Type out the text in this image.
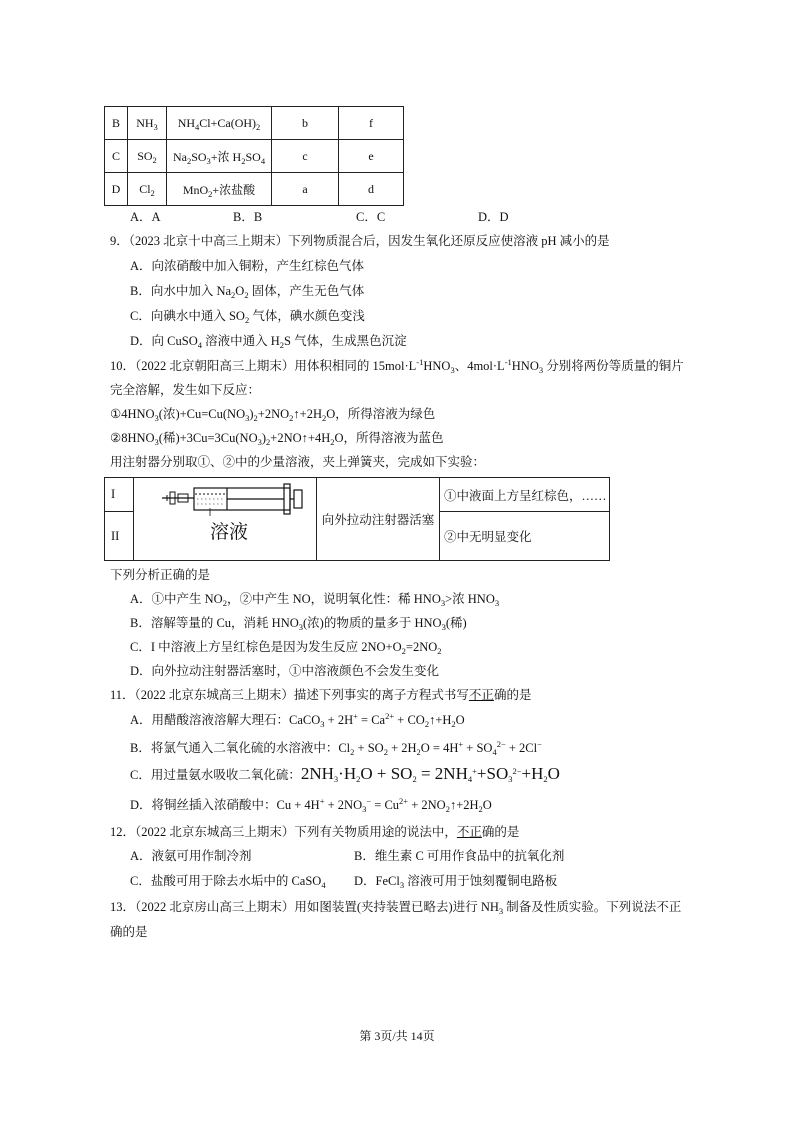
B	$NH_3$	$NH_4Cl+Ca(OH)_2$	b	f
C	$SO_2$	$Na_2SO_3+$浓 $H_2SO_4$	c	e
D	$Cl_2$	MnO$_2$+浓盐酸	a	d
A．A	B．B	C．C	D．D
9．（2023 北京十中高三上期末）下列物质混合后，因发生氧化还原反应使溶液 pH 减小的是
A．向浓硝酸中加入铜粉，产生红棕色气体
B．向水中加入 $Na_2O_2$ 固体，产生无色气体
C．向碘水中通入 $SO_2$ 气体，碘水颜色变浅
D．向 CuSO$_4$ 溶液中通入 $H_2S$ 气体，生成黑色沉淀
10．（2022 北京朝阳高三上期末）用体积相同的 $15mol\cdot L^{-1}HNO_3$、$4mol\cdot L^{-1}HNO_3$ 分别将两份等质量的铜片
完全溶解，发生如下反应：
$①4HNO_3$(浓)$+Cu=Cu(NO_3)_2+2NO_2↑+2H_2O$，所得溶液为绿色
$②8HNO_3$(稀)$+3Cu=3Cu(NO_3)_2+2NO↑+4H_2O$，所得溶液为蓝色
用注射器分别取①、②中的少量溶液，夹上弹簧夹，完成如下实验：
I	溶液	向外拉动注射器活塞	①中液面上方呈红棕色，……
II			②中无明显变化
下列分析正确的是
A．①中产生 $NO_2$，②中产生 NO，说明氧化性：稀 $HNO_3>$浓 $HNO_3$
B．溶解等量的 Cu，消耗 $HNO_3$(浓)的物质的量多于 $HNO_3$(稀)
C．I 中溶液上方呈红棕色是因为发生反应 $2NO+O_2=2NO_2$
D．向外拉动注射器活塞时，①中溶液颜色不会发生变化
11．（2022 北京东城高三上期末）描述下列事实的离子方程式书写不正确的是
A．用醋酸溶液溶解大理石：CaCO$_3$ + $2H^+ = Ca^{2+}$ + $CO_2↑+H_2O$
B．将氯气通入二氧化硫的水溶液中：$Cl_2 + SO_2 + 2H_2O = 4H^+ + SO_4^{2-} + 2Cl^-$
C．用过量氨水吸收二氧化硫：$2NH_3\cdot H_2O + SO_2 = 2NH_4^++SO_3^{2-}+H_2O$
D．将铜丝插入浓硝酸中：$Cu + 4H^+ + 2NO_3^- = Cu^{2+}$ + $2NO_2↑+2H_2O$
12．（2022 北京东城高三上期末）下列有关物质用途的说法中，不正确的是
A．液氨可用作制冷剂	B．维生素 C 可用作食品中的抗氧化剂
C．盐酸可用于除去水垢中的 CaSO$_4$ D．FeCl$_3$ 溶液可用于蚀刻覆铜电路板
13．（2022 北京房山高三上期末）用如图装置(夹持装置已略去)进行 $NH_3$ 制备及性质实验。下列说法不正
确的是
第 3页/共 14页
